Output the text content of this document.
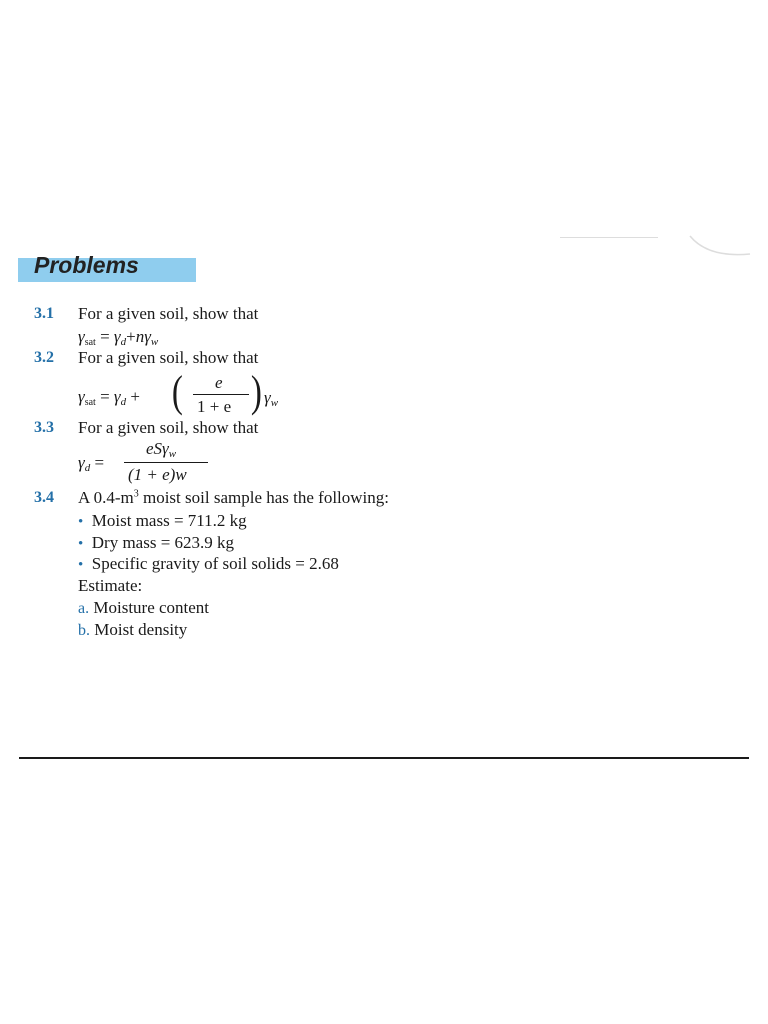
Problems
3.1 For a given soil, show that
$\gamma_{sat} = \gamma d+n\gamma w$
3.2 For a given soil, show that
$\gamma_{sat} = \gamma d$ + ( e
1 + e ) γw
3.3 For a given soil, show that
γd =
eSγw
(1 + e)w
3.4 A $0.4-m^3$ moist soil sample has the following:
• Moist mass = 711.2 kg
• Dry mass = 623.9 kg
• Specific gravity of soil solids = 2.68
Estimate:
a. Moisture content
b. Moist density
